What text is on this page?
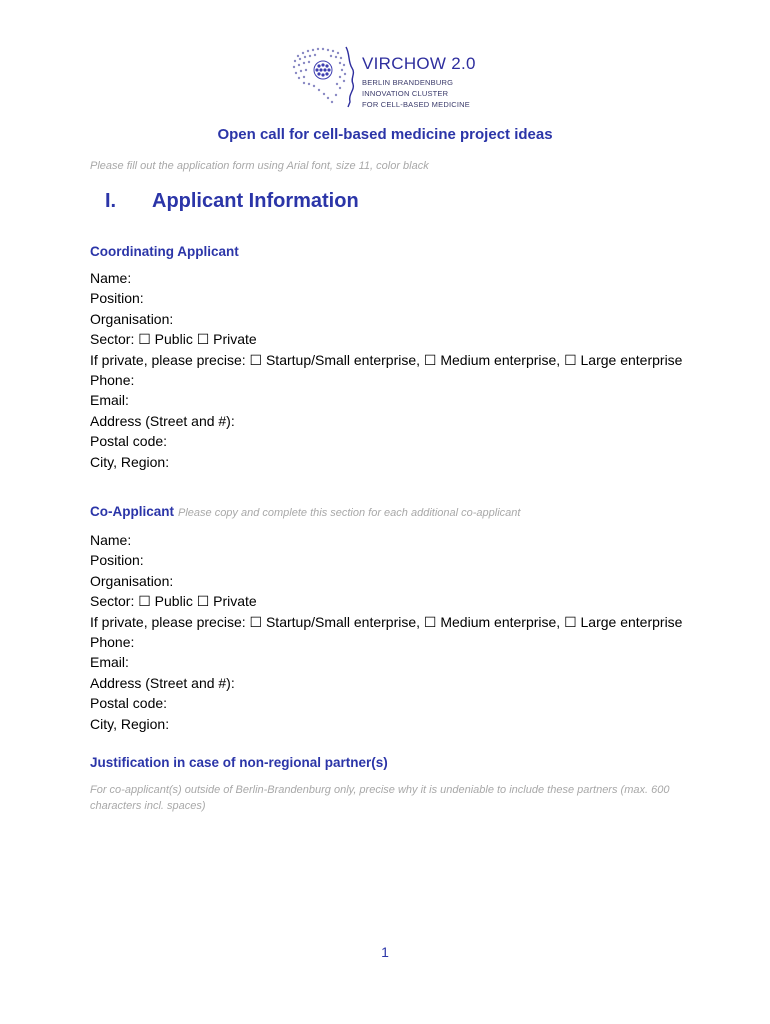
VIRCHOW 2.0
BERLIN BRANDENBURG
INNOVATION CLUSTER
FOR CELL-BASED MEDICINE
Open call for cell-based medicine project ideas
Please fill out the application form using Arial font, size 11, color black
I. Applicant Information
Coordinating Applicant
Name:
Position:
Organisation:
Sector: ☐ Public ☐ Private
If private, please precise: ☐ Startup/Small enterprise, ☐ Medium enterprise, ☐ Large enterprise
Phone:
Email:
Address (Street and #):
Postal code:
City, Region:
Co-Applicant Please copy and complete this section for each additional co-applicant
Name:
Position:
Organisation:
Sector: ☐ Public ☐ Private
If private, please precise: ☐ Startup/Small enterprise, ☐ Medium enterprise, ☐ Large enterprise
Phone:
Email:
Address (Street and #):
Postal code:
City, Region:
Justification in case of non-regional partner(s)
For co-applicant(s) outside of Berlin-Brandenburg only, precise why it is undeniable to include these partners (max. 600 characters incl. spaces)
1
